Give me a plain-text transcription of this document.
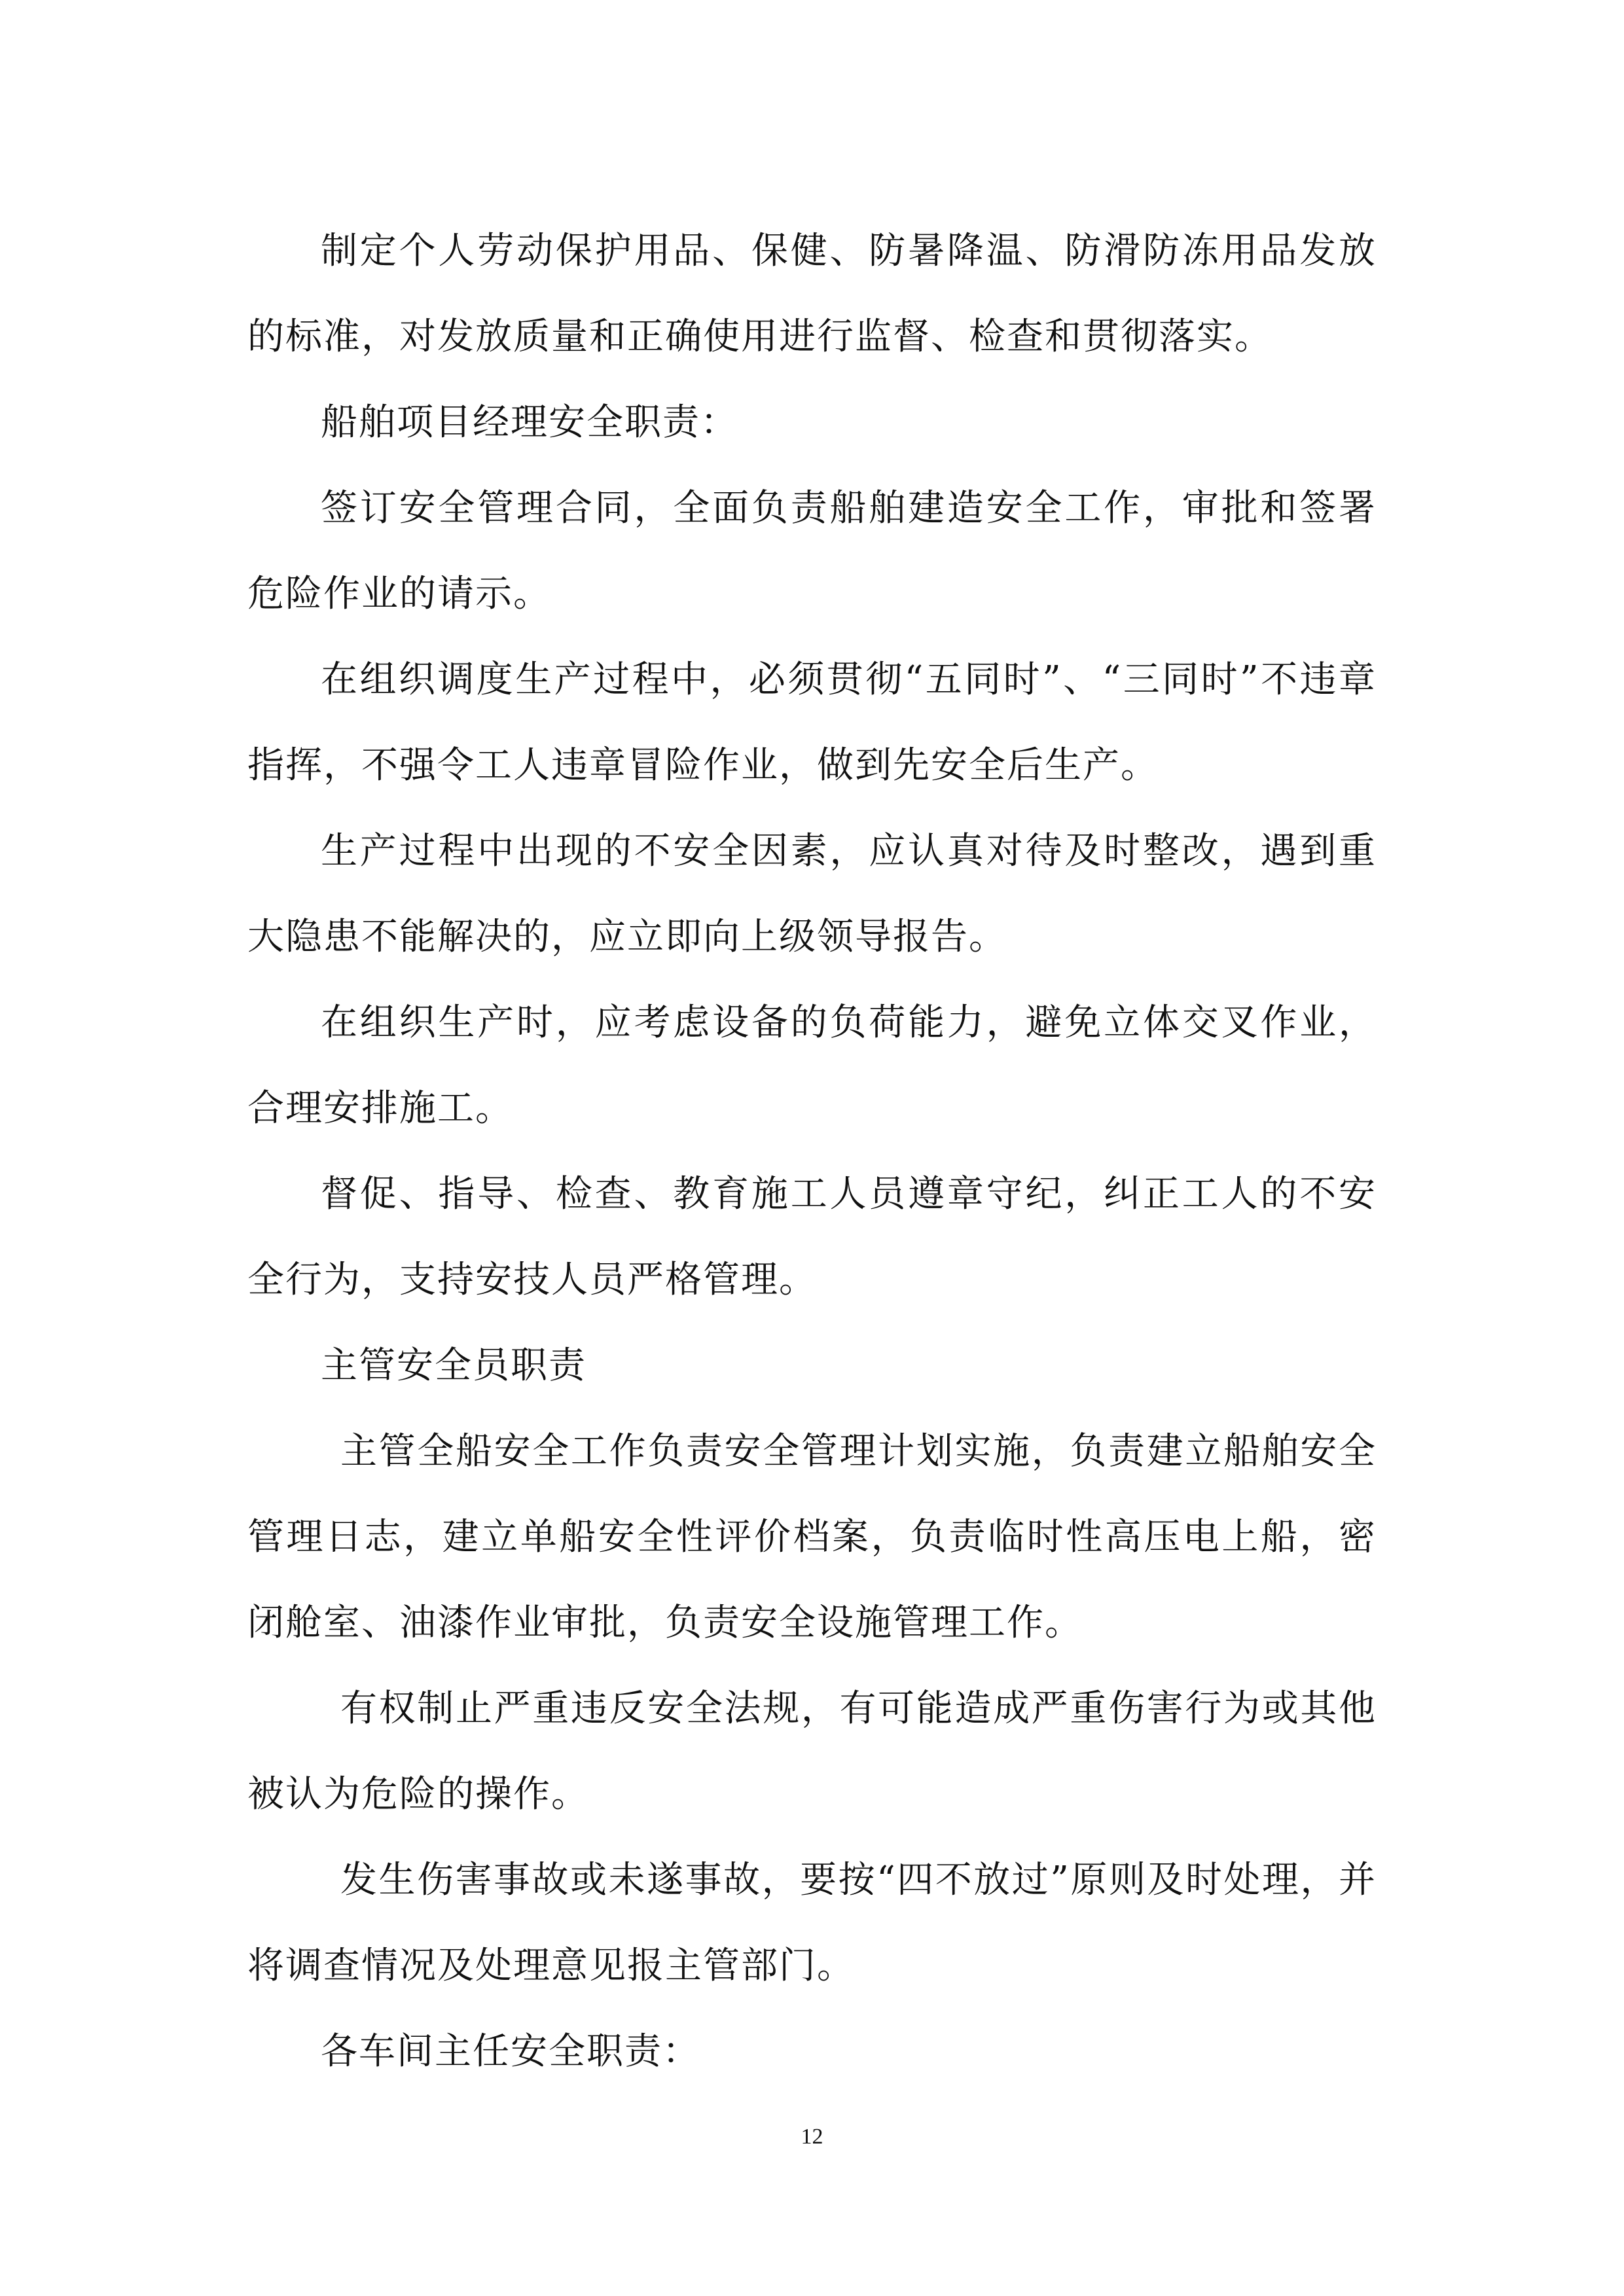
制定个人劳动保护用品、保健、防暑降温、防滑防冻用品发放的标准，对发放质量和正确使用进行监督、检查和贯彻落实。

船舶项目经理安全职责：

签订安全管理合同，全面负责船舶建造安全工作，审批和签署危险作业的请示。

在组织调度生产过程中，必须贯彻“五同时”、“三同时”不违章指挥，不强令工人违章冒险作业，做到先安全后生产。

生产过程中出现的不安全因素，应认真对待及时整改，遇到重大隐患不能解决的，应立即向上级领导报告。

在组织生产时，应考虑设备的负荷能力，避免立体交叉作业，合理安排施工。

督促、指导、检查、教育施工人员遵章守纪，纠正工人的不安全行为，支持安技人员严格管理。

主管安全员职责

主管全船安全工作负责安全管理计划实施，负责建立船舶安全管理日志，建立单船安全性评价档案，负责临时性高压电上船，密闭舱室、油漆作业审批，负责安全设施管理工作。

有权制止严重违反安全法规，有可能造成严重伤害行为或其他被认为危险的操作。

发生伤害事故或未遂事故，要按“四不放过”原则及时处理，并将调查情况及处理意见报主管部门。

各车间主任安全职责：

12
